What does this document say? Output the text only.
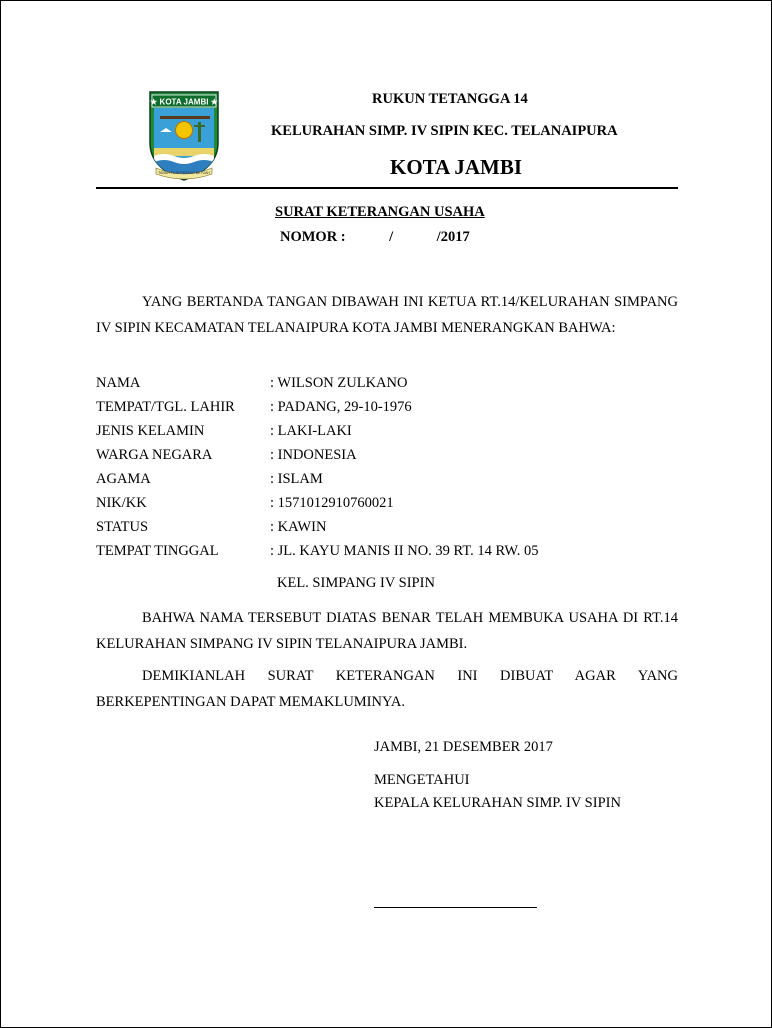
★ KOTA JAMBI ★
TANAH PILIH PESAKO BETUAH
RUKUN TETANGGA 14
KELURAHAN SIMP. IV SIPIN KEC. TELANAIPURA
KOTA JAMBI
SURAT KETERANGAN USAHA
NOMOR :            /            /2017
YANG BERTANDA TANGAN DIBAWAH INI KETUA RT.14/KELURAHAN SIMPANG IV SIPIN KECAMATAN TELANAIPURA KOTA JAMBI MENERANGKAN BAHWA:
NAMA	: WILSON ZULKANO
TEMPAT/TGL. LAHIR : PADANG, 29-10-1976
JENIS KELAMIN	: LAKI-LAKI
WARGA NEGARA	: INDONESIA
AGAMA	: ISLAM
NIK/KK	: 1571012910760021
STATUS	: KAWIN
TEMPAT TINGGAL	: JL. KAYU MANIS II NO. 39 RT. 14 RW. 05
KEL. SIMPANG IV SIPIN
BAHWA NAMA TERSEBUT DIATAS BENAR TELAH MEMBUKA USAHA DI RT.14 KELURAHAN SIMPANG IV SIPIN TELANAIPURA JAMBI.
DEMIKIANLAH SURAT KETERANGAN INI DIBUAT AGAR YANG BERKEPENTINGAN DAPAT MEMAKLUMINYA.
JAMBI, 21 DESEMBER 2017
MENGETAHUI
KEPALA KELURAHAN SIMP. IV SIPIN
